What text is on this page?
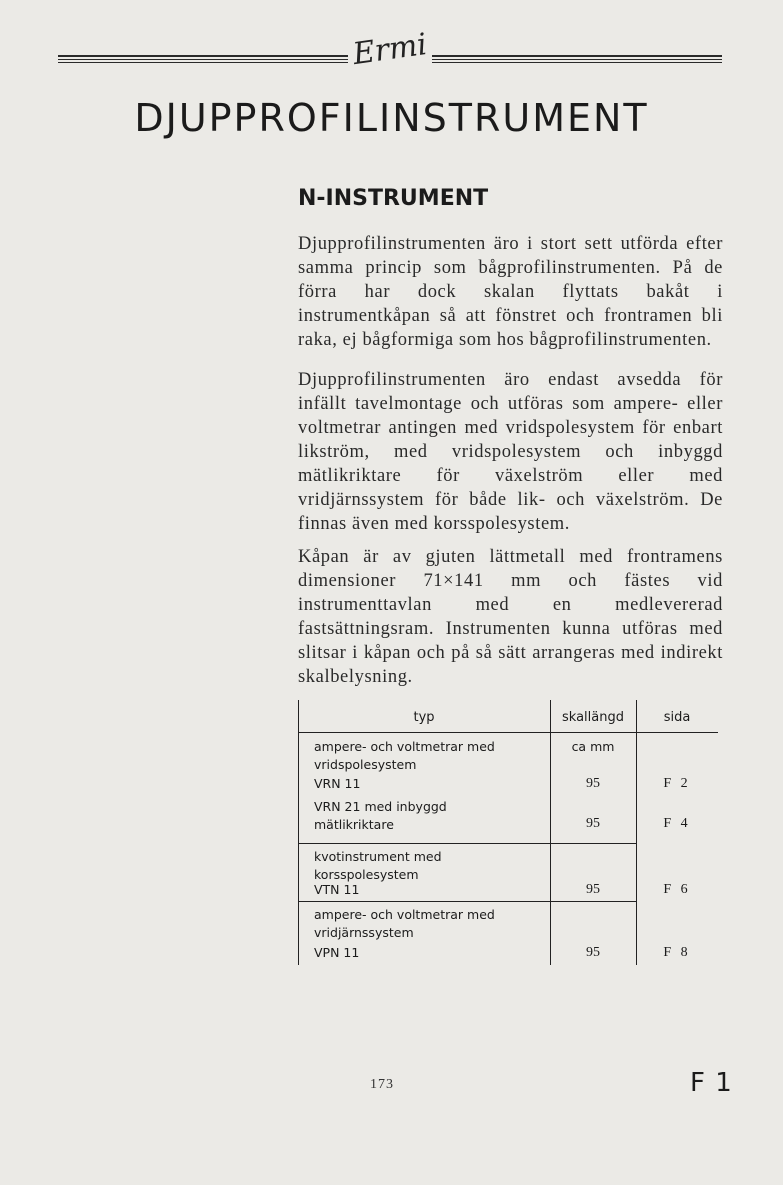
Ermi
DJUPPROFILINSTRUMENT
N-INSTRUMENT

Djupprofilinstrumenten äro i stort sett utförda efter samma princip som bågprofilinstrumenten. På de förra har dock skalan flyttats bakåt i instrumentkåpan så att fönstret och frontramen bli raka, ej bågformiga som hos bågprofilinstrumenten.

Djupprofilinstrumenten äro endast avsedda för infällt tavelmontage och utföras som ampere- eller voltmetrar antingen med vridspolesystem för enbart likström, med vridspolesystem och inbyggd mätlikriktare för växelström eller med vridjärnssystem för både lik- och växelström. De finnas även med korsspolesystem.

Kåpan är av gjuten lättmetall med frontramens dimensioner 71×141 mm och fästes vid instrumenttavlan med en medlevererad fastsättningsram. Instrumenten kunna utföras med slitsar i kåpan och på så sätt arrangeras med indirekt skalbelysning.

typ	skallängd	sida
ampere- och voltmetrar med vridspolesystem
ca mm
VRN 11	95	F 2
VRN 21 med inbyggd mätlikriktare	95	F 4
kvotinstrument med korsspolesystem
VTN 11	95	F 6
ampere- och voltmetrar med vridjärnssystem
VPN 11	95	F 8
173	F 1
